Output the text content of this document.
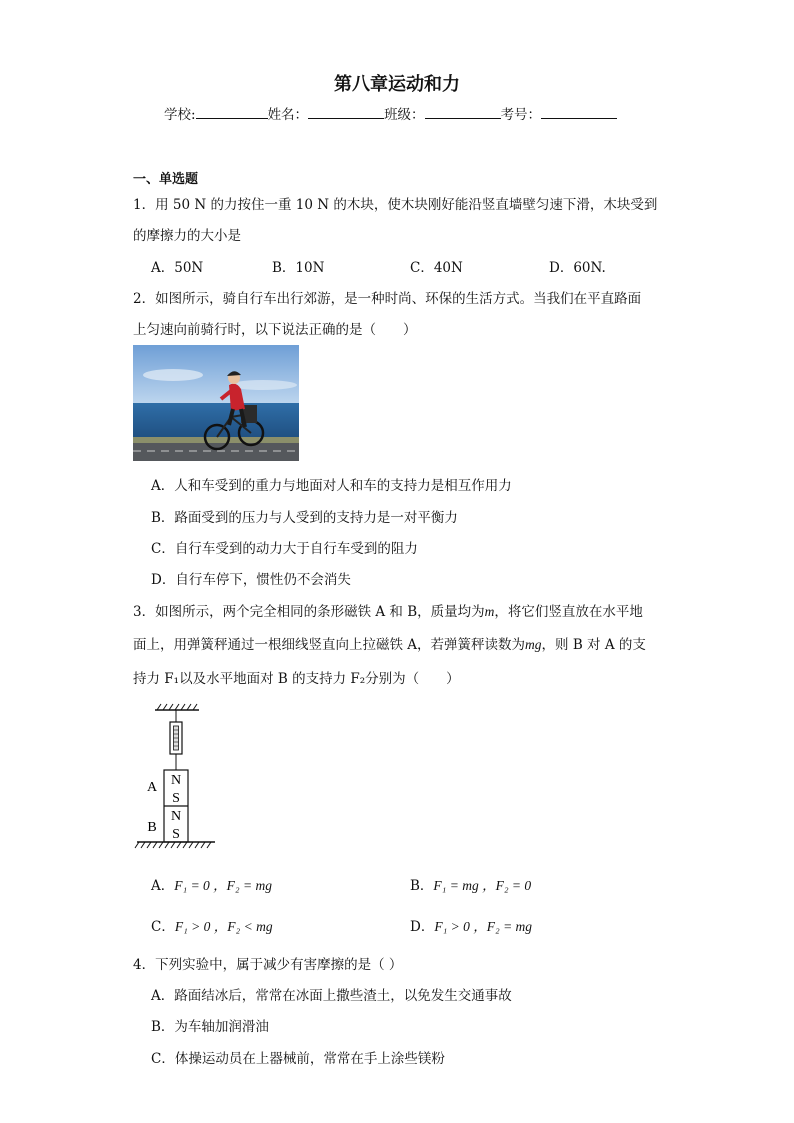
第八章运动和力
学校:	姓名：	班级：	考号：
一、单选题
1．用 50 N 的力按住一重 10 N 的木块，使木块刚好能沿竖直墙壁匀速下滑，木块受到
的摩擦力的大小是
A．50N	B．10N	C．40N	D．60N.
2．如图所示，骑自行车出行郊游，是一种时尚、环保的生活方式。当我们在平直路面
上匀速向前骑行时，以下说法正确的是（　　）
A．人和车受到的重力与地面对人和车的支持力是相互作用力
B．路面受到的压力与人受到的支持力是一对平衡力
C．自行车受到的动力大于自行车受到的阻力
D．自行车停下，惯性仍不会消失
3．如图所示，两个完全相同的条形磁铁 A 和 B，质量均为m，将它们竖直放在水平地
面上，用弹簧秤通过一根细线竖直向上拉磁铁 A，若弹簧秤读数为mg，则 B 对 A 的支
持力 F₁以及水平地面对 B 的支持力 F₂分别为（　　）
N
S
N
S
A
B
A．F₁ = 0 ，F₂ = mg	B．F₁ = mg ，F₂ = 0
C．F₁ > 0 ，F₂ < mg	D．F₁ > 0 ，F₂ = mg
4．下列实验中，属于减少有害摩擦的是（ ）
A．路面结冰后，常常在冰面上撒些渣土，以免发生交通事故
B．为车轴加润滑油
C．体操运动员在上器械前，常常在手上涂些镁粉
